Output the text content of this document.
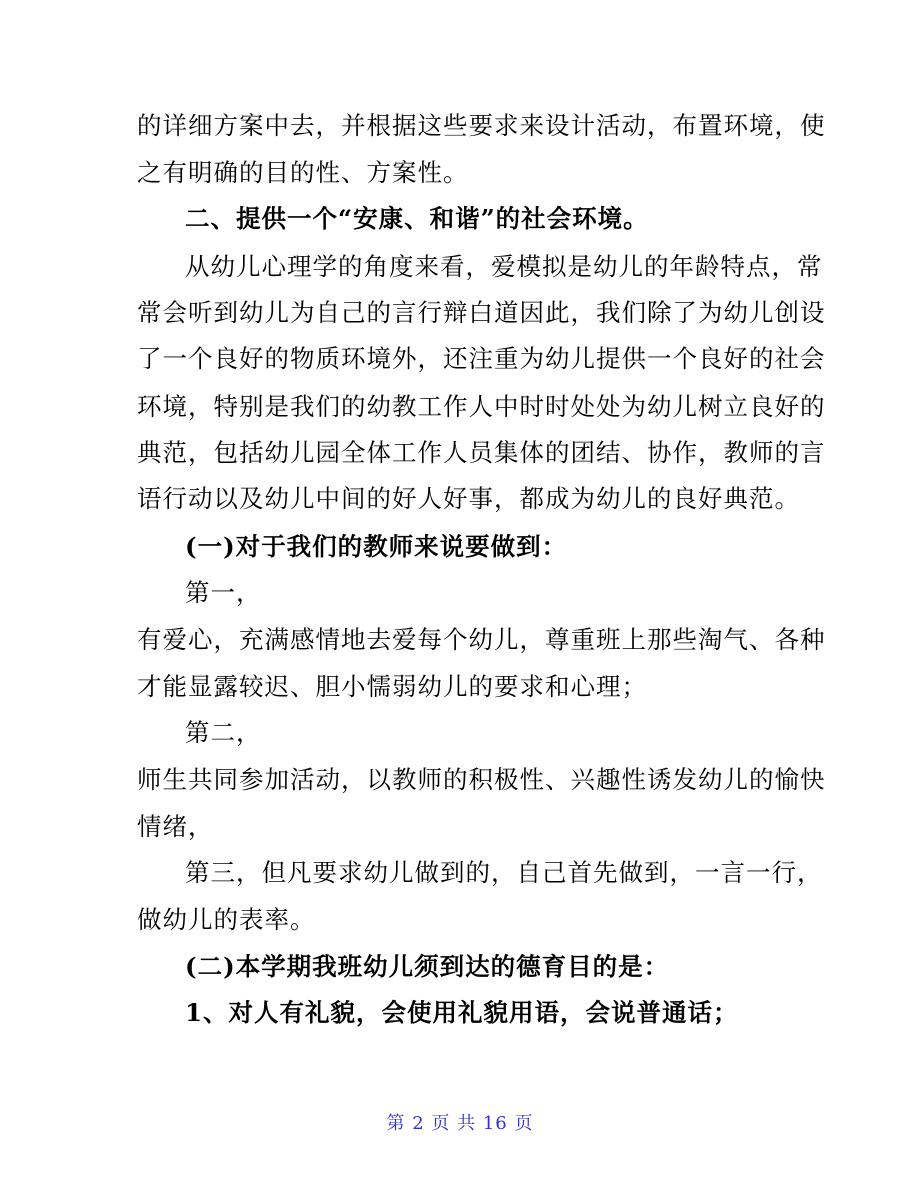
的详细方案中去，并根据这些要求来设计活动，布置环境，使
之有明确的目的性、方案性。
二、提供一个“安康、和谐”的社会环境。
从幼儿心理学的角度来看，爱模拟是幼儿的年龄特点，常
常会听到幼儿为自己的言行辩白道因此，我们除了为幼儿创设
了一个良好的物质环境外，还注重为幼儿提供一个良好的社会
环境，特别是我们的幼教工作人中时时处处为幼儿树立良好的
典范，包括幼儿园全体工作人员集体的团结、协作，教师的言
语行动以及幼儿中间的好人好事，都成为幼儿的良好典范。
(一)对于我们的教师来说要做到：
第一，
有爱心，充满感情地去爱每个幼儿，尊重班上那些淘气、各种
才能显露较迟、胆小懦弱幼儿的要求和心理；
第二，
师生共同参加活动，以教师的积极性、兴趣性诱发幼儿的愉快
情绪，
第三，但凡要求幼儿做到的，自己首先做到，一言一行，
做幼儿的表率。
(二)本学期我班幼儿须到达的德育目的是：
1、对人有礼貌，会使用礼貌用语，会说普通话；
第 2 页 共 16 页
